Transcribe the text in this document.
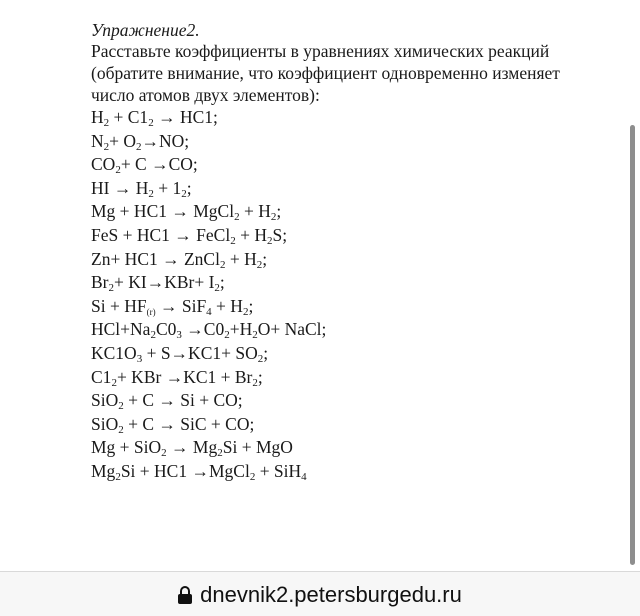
Упражнение2.

Расставьте коэффициенты в уравнениях химических реакций

(обратите внимание, что коэффициент одновременно изменяет

число атомов двух элементов):

$H_2 + C1_2 \to HC1$;
$N_2+ O_2\to NO$;
$CO_2+ C \to CO$;
HI → $H_2 + 1_2$;
Mg + HC1 → MgCl$_2$ + $H_2$;
FeS + HC1 → FeCl$_2$ + $H_2S$;
Zn+ HC1 → ZnCl$_2$ + $H_2$;
$Br_2+ KI\to KBr+ I_2$;
$Si + HF_{(r)} \to SiF_4 + H_2$;
$HCl+Na_2C0_3 \to C0_2+H_2O+$ NaCl;
$KC1O_3 + S\to KC1+ SO_2$;
$C1_2+$ KBr $\to KC1 + Br_2$;
SiO$_2$ + C → Si + CO;
SiO$_2$ + C → SiC + CO;
$Mg + SiO_2 \to Mg_2Si$ + MgO
$Mg_2Si + HC1$ →MgCl$_2$ + SiH$_4$
dnevnik2.petersburgedu.ru
